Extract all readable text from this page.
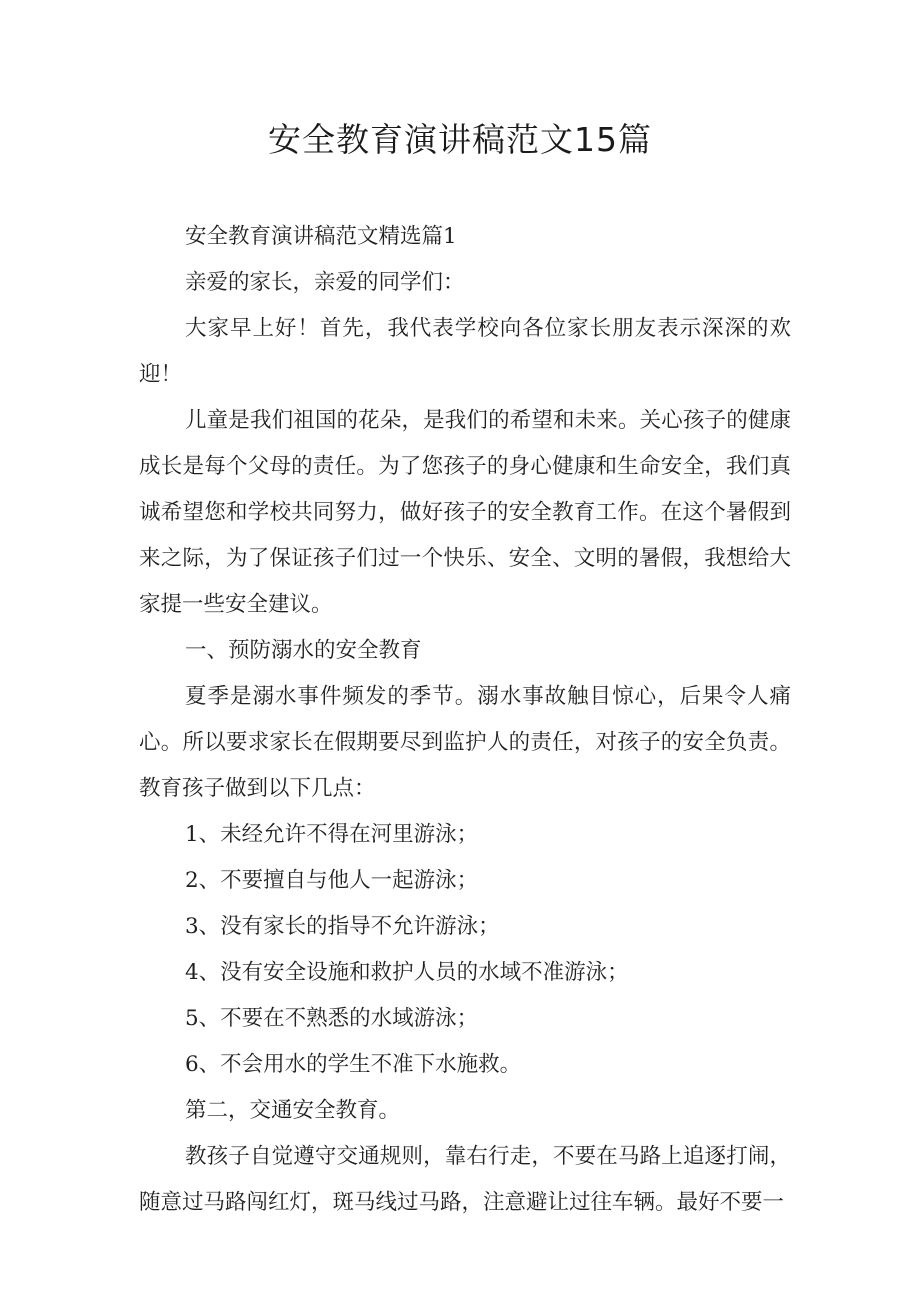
安全教育演讲稿范文15篇

安全教育演讲稿范文精选篇1

亲爱的家长，亲爱的同学们：

大家早上好！首先，我代表学校向各位家长朋友表示深深的欢迎！

儿童是我们祖国的花朵，是我们的希望和未来。关心孩子的健康成长是每个父母的责任。为了您孩子的身心健康和生命安全，我们真诚希望您和学校共同努力，做好孩子的安全教育工作。在这个暑假到来之际，为了保证孩子们过一个快乐、安全、文明的暑假，我想给大家提一些安全建议。

一、预防溺水的安全教育

夏季是溺水事件频发的季节。溺水事故触目惊心，后果令人痛心。所以要求家长在假期要尽到监护人的责任，对孩子的安全负责。教育孩子做到以下几点：

1、未经允许不得在河里游泳；

2、不要擅自与他人一起游泳；

3、没有家长的指导不允许游泳；

4、没有安全设施和救护人员的水域不准游泳；

5、不要在不熟悉的水域游泳；

6、不会用水的学生不准下水施救。

第二，交通安全教育。

教孩子自觉遵守交通规则，靠右行走，不要在马路上追逐打闹，随意过马路闯红灯，斑马线过马路，注意避让过往车辆。最好不要一
